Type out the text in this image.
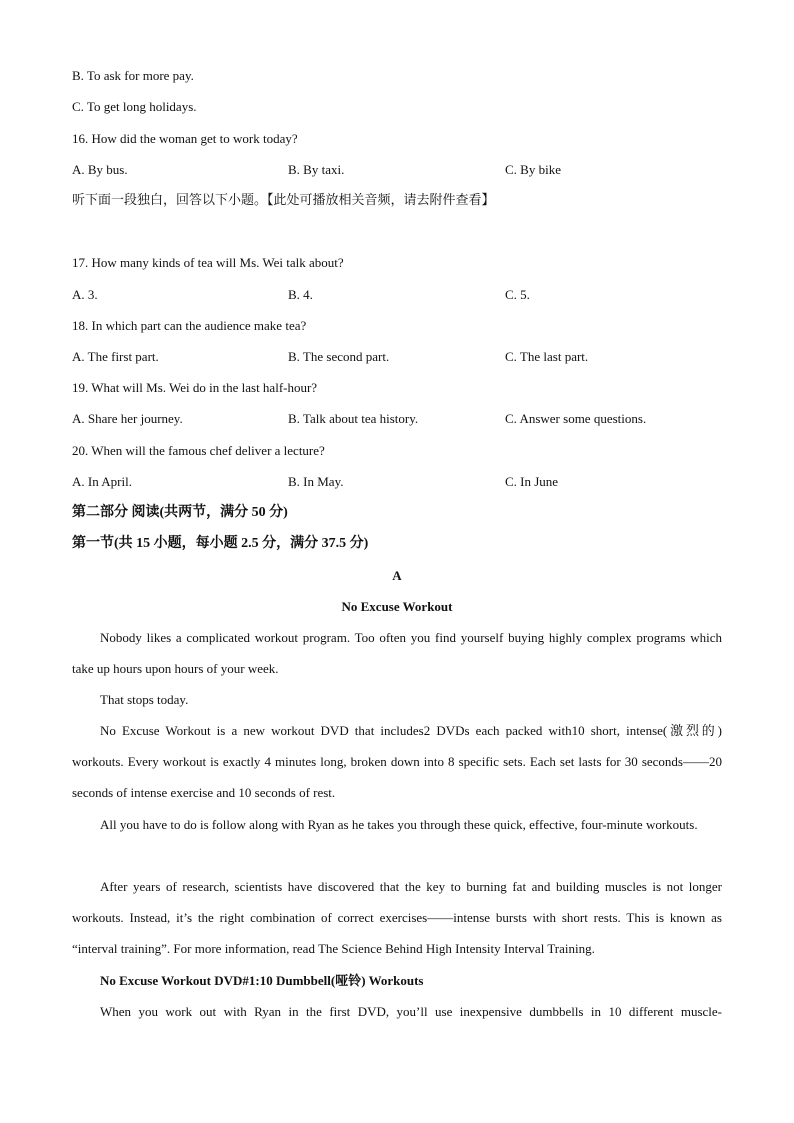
B. To ask for more pay.
C. To get long holidays.
16. How did the woman get to work today?
A. By bus.	B. By taxi.	C. By bike
听下面一段独白，回答以下小题。【此处可播放相关音频，请去附件查看】
17. How many kinds of tea will Ms. Wei talk about?
A. 3.	B. 4.	C. 5.
18. In which part can the audience make tea?
A. The first part.	B. The second part.	C. The last part.
19. What will Ms. Wei do in the last half-hour?
A. Share her journey.	B. Talk about tea history.	C. Answer some questions.
20. When will the famous chef deliver a lecture?
A. In April.	B. In May.	C. In June
第二部分 阅读(共两节，满分 50 分)
第一节(共 15 小题，每小题 2.5 分，满分 37.5 分)
A
No Excuse Workout

Nobody likes a complicated workout program. Too often you find yourself buying highly complex programs which take up hours upon hours of your week.

That stops today.

No Excuse Workout is a new workout DVD that includes2 DVDs each packed with10 short, intense(激烈的) workouts. Every workout is exactly 4 minutes long, broken down into 8 specific sets. Each set lasts for 30 seconds——20 seconds of intense exercise and 10 seconds of rest.

All you have to do is follow along with Ryan as he takes you through these quick, effective, four-minute workouts.

After years of research, scientists have discovered that the key to burning fat and building muscles is not longer workouts. Instead, it’s the right combination of correct exercises——intense bursts with short rests. This is known as “interval training”. For more information, read The Science Behind High Intensity Interval Training.

No Excuse Workout DVD#1:10 Dumbbell(哑铃) Workouts

When you work out with Ryan in the first DVD, you’ll use inexpensive dumbbells in 10 different muscle-
